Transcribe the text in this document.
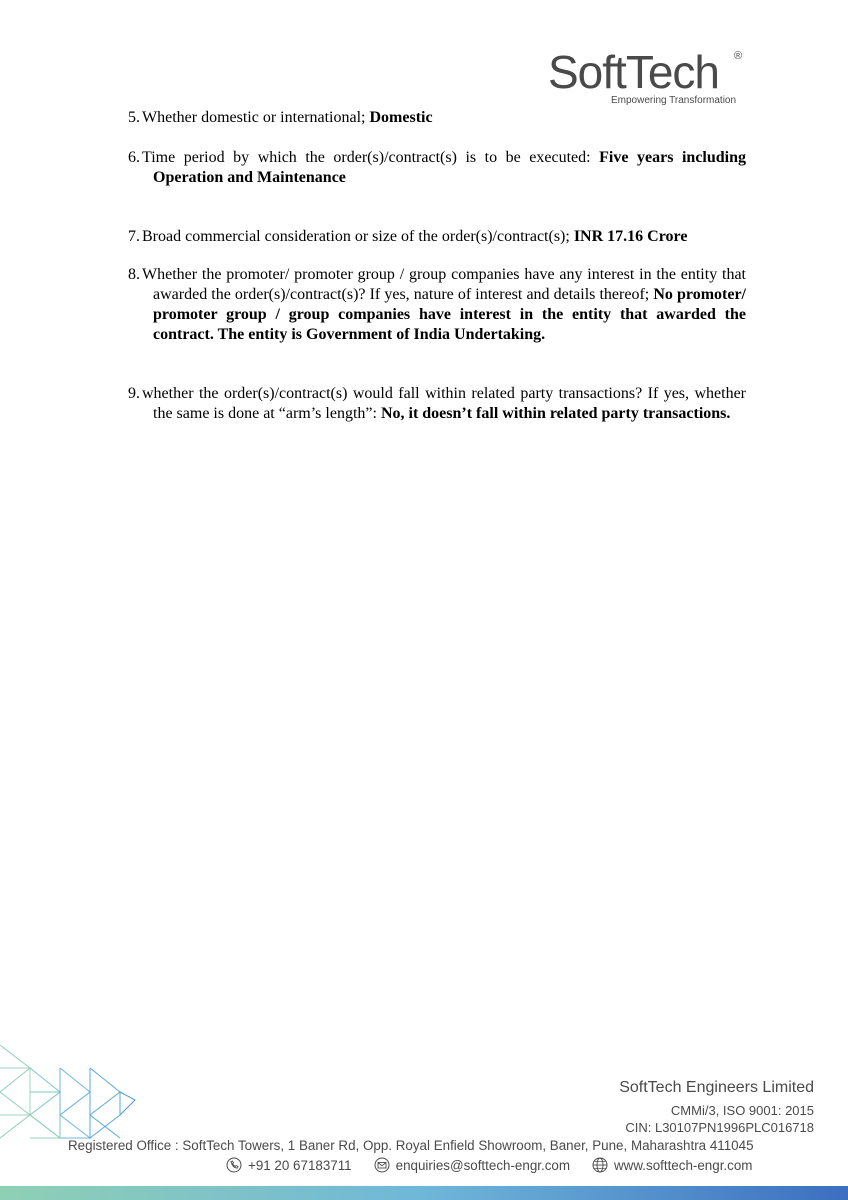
SoftTech ®
Empowering Transformation
5. Whether domestic or international; Domestic
6. Time period by which the order(s)/contract(s) is to be executed: Five years including Operation and Maintenance
7. Broad commercial consideration or size of the order(s)/contract(s); INR 17.16 Crore
8. Whether the promoter/ promoter group / group companies have any interest in the entity that awarded the order(s)/contract(s)? If yes, nature of interest and details thereof; No promoter/ promoter group / group companies have interest in the entity that awarded the contract. The entity is Government of India Undertaking.
9. whether the order(s)/contract(s) would fall within related party transactions? If yes, whether the same is done at “arm’s length”: No, it doesn’t fall within related party transactions.
SoftTech Engineers Limited
CMMi/3, ISO 9001: 2015
CIN: L30107PN1996PLC016718
Registered Office : SoftTech Towers, 1 Baner Rd, Opp. Royal Enfield Showroom, Baner, Pune, Maharashtra 411045
+91 20 67183711	enquiries@softtech-engr.com	www.softtech-engr.com
